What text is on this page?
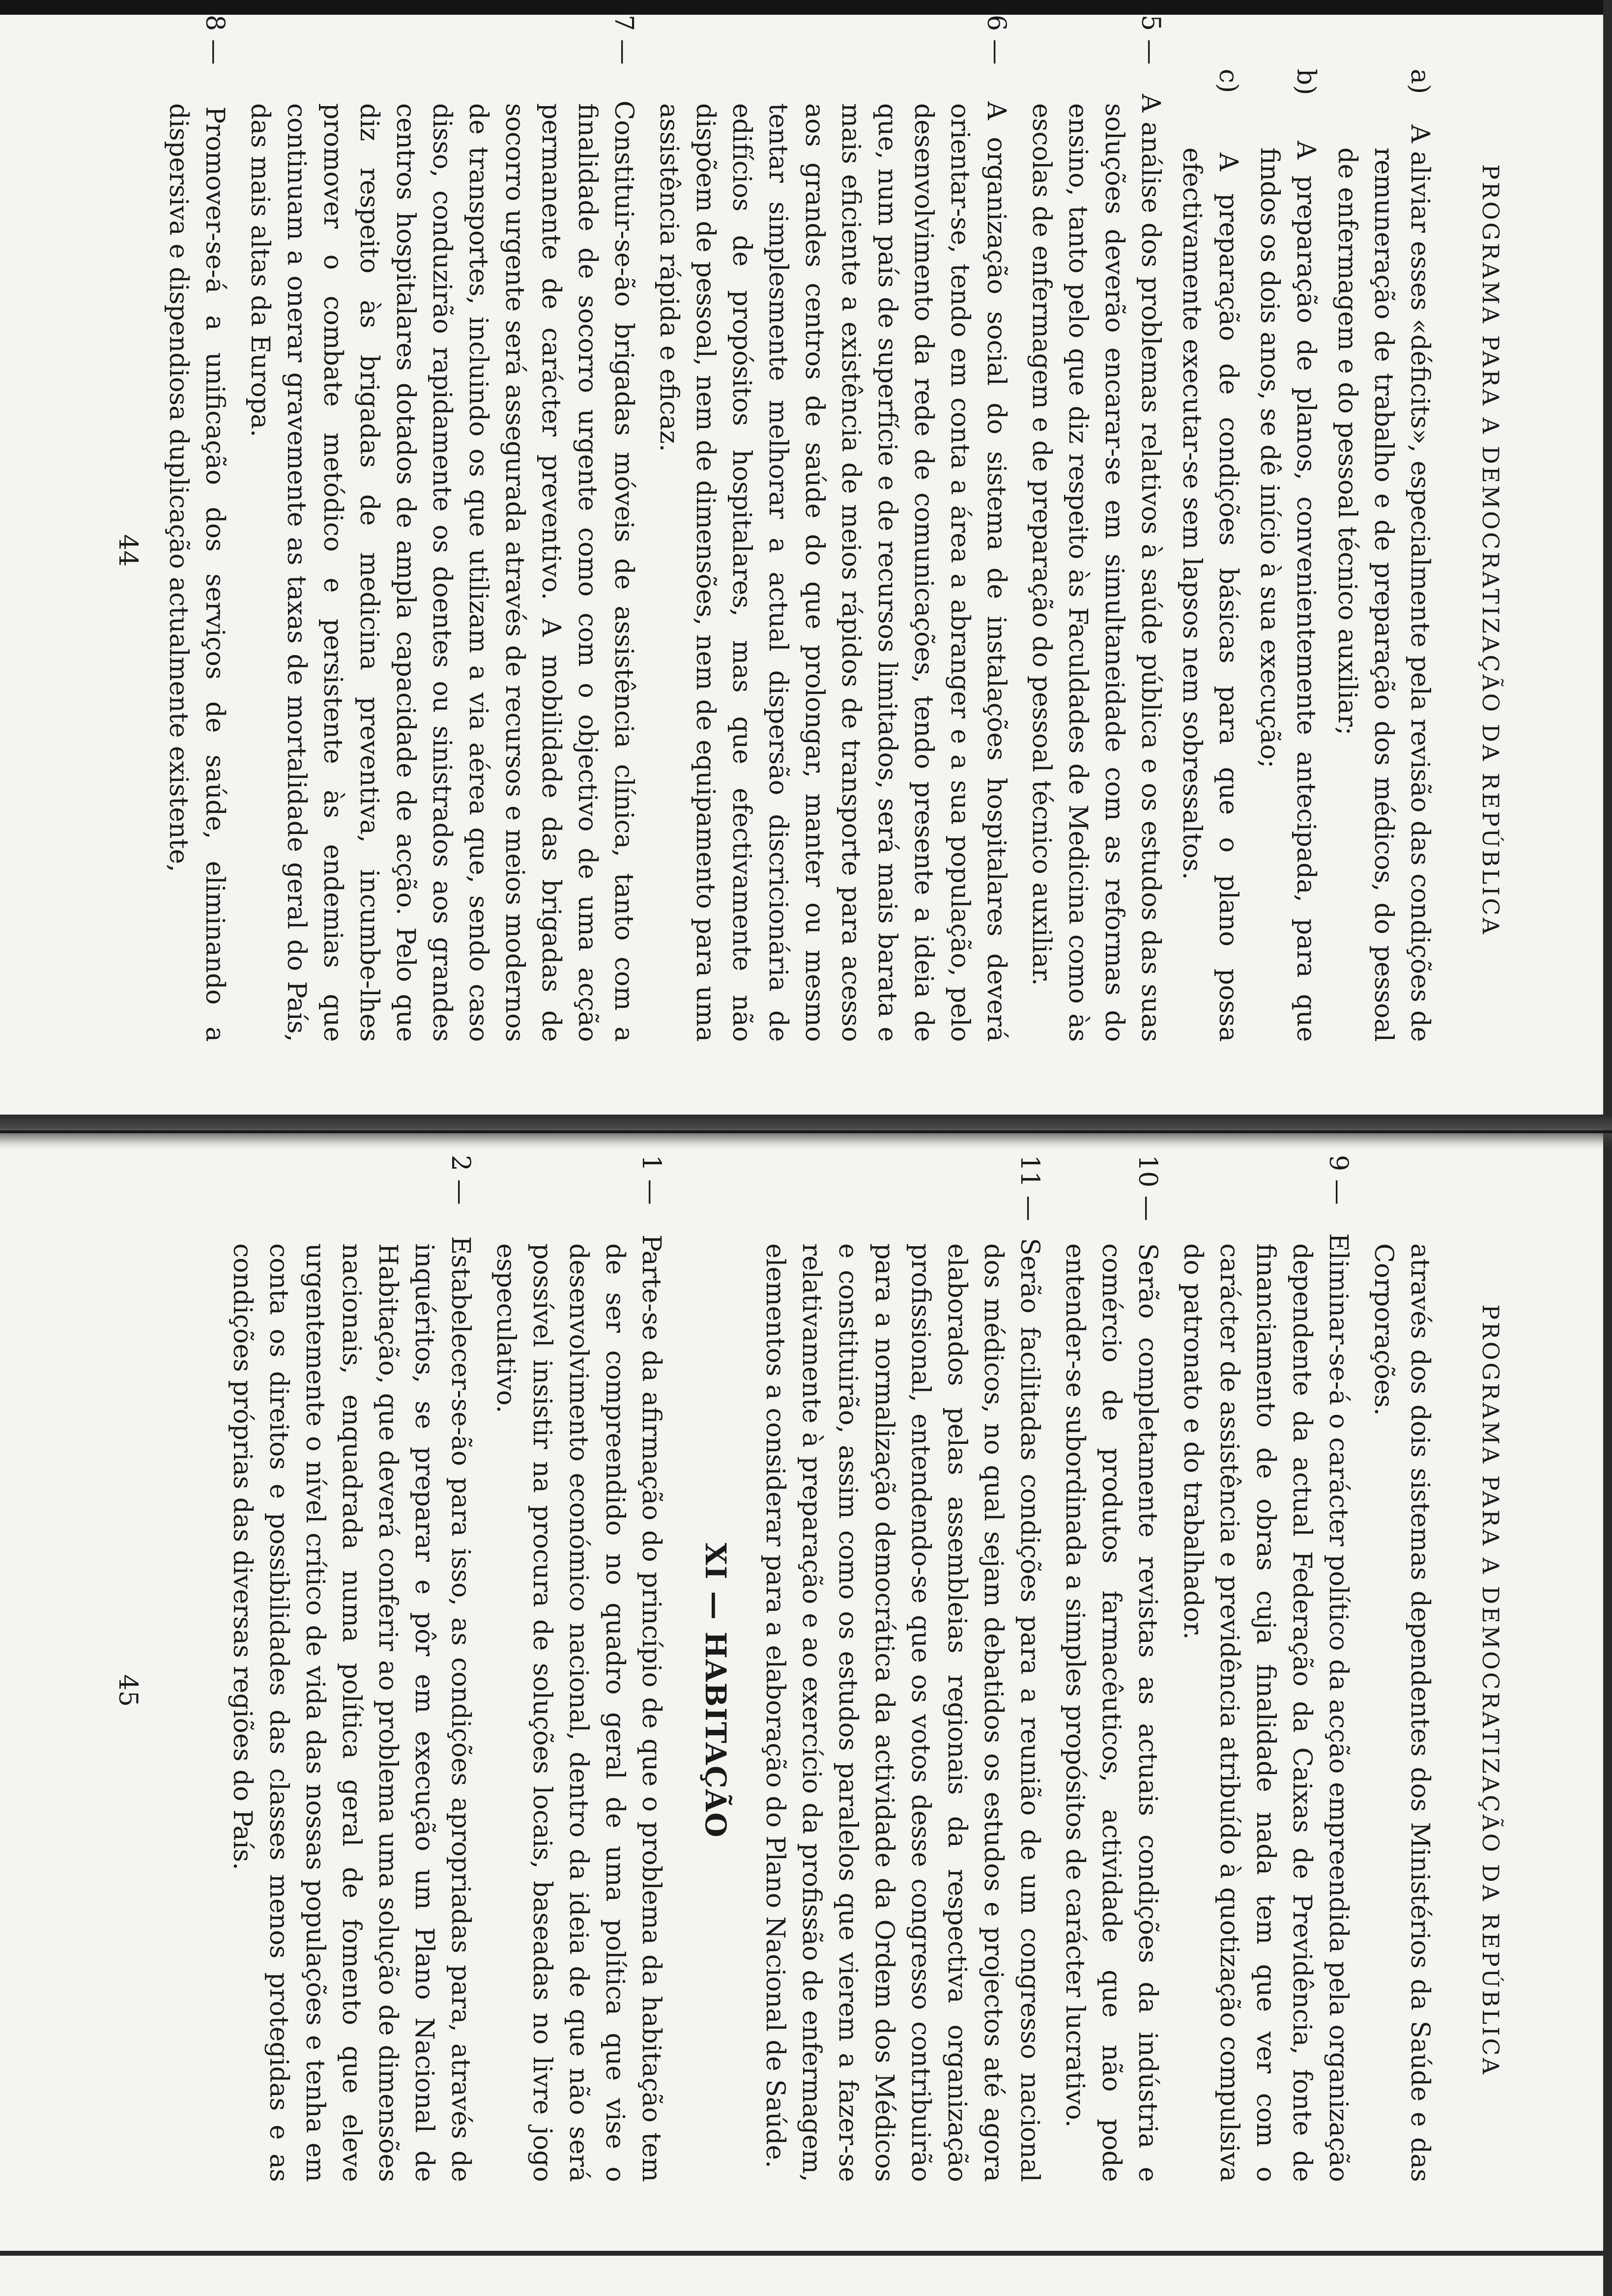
PROGRAMA PARA A DEMOCRATIZAÇÃO DA REPÚBLICA

a)  A aliviar esses «déficits», especialmente pela revisão das condições de remuneração de trabalho e de preparação dos médicos, do pessoal de enfermagem e do pessoal técnico auxiliar;

b)  A preparação de planos, convenientemente antecipada, para que findos os dois anos, se dê início à sua execução;

c)  A preparação de condições básicas para que o plano possa efectivamente executar-se sem lapsos nem sobressaltos.

5 — A análise dos problemas relativos à saúde pública e os estudos das suas soluções deverão encarar-se em simultaneidade com as reformas do ensino, tanto pelo que diz respeito às Faculdades de Medicina como às escolas de enfermagem e de preparação do pessoal técnico auxiliar.

6 — A organização social do sistema de instalações hospitalares deverá orientar-se, tendo em conta a área a abranger e a sua população, pelo desenvolvimento da rede de comunicações, tendo presente a ideia de que, num país de superfície e de recursos limitados, será mais barata e mais eficiente a existência de meios rápidos de transporte para acesso aos grandes centros de saúde do que prolongar, manter ou mesmo tentar simplesmente melhorar a actual dispersão discricionária de edifícios de propósitos hospitalares, mas que efectivamente não dispõem de pessoal, nem de dimensões, nem de equipamento para uma assistência rápida e eficaz.

7 — Constituir-se-ão brigadas móveis de assistência clínica, tanto com a finalidade de socorro urgente como com o objectivo de uma acção permanente de carácter preventivo. A mobilidade das brigadas de socorro urgente será assegurada através de recursos e meios modernos de transportes, incluindo os que utilizam a via aérea que, sendo caso disso, conduzirão rapidamente os doentes ou sinistrados aos grandes centros hospitalares dotados de ampla capacidade de acção. Pelo que diz respeito às brigadas de medicina preventiva, incumbe-lhes promover o combate metódico e persistente às endemias que continuam a onerar gravemente as taxas de mortalidade geral do País, das mais altas da Europa.

8 — Promover-se-á a unificação dos serviços de saúde, eliminando a dispersiva e dispendiosa duplicação actualmente existente,

44
PROGRAMA PARA A DEMOCRATIZAÇÃO DA REPÚBLICA

através dos dois sistemas dependentes dos Ministérios da Saúde e das Corporações.

9 — Eliminar-se-á o carácter político da acção empreendida pela organização dependente da actual Federação da Caixas de Previdência, fonte de financiamento de obras cuja finalidade nada tem que ver com o carácter de assistência e previdência atribuído à quotização compulsiva do patronato e do trabalhador.

10 — Serão completamente revistas as actuais condições da indústria e comércio de produtos farmacêuticos, actividade que não pode entender-se subordinada a simples propósitos de carácter lucrativo.

11 — Serão facilitadas condições para a reunião de um congresso nacional dos médicos, no qual sejam debatidos os estudos e projectos até agora elaborados pelas assembleias regionais da respectiva organização profissional, entendendo-se que os votos desse congresso contribuirão para a normalização democrática da actividade da Ordem dos Médicos e constituirão, assim como os estudos paralelos que vierem a fazer-se relativamente à preparação e ao exercício da profissão de enfermagem, elementos a considerar para a elaboração do Plano Nacional de Saúde.

XI — HABITAÇÃO

1 — Parte-se da afirmação do princípio de que o problema da habitação tem de ser compreendido no quadro geral de uma política que vise o desenvolvimento económico nacional, dentro da ideia de que não será possível insistir na procura de soluções locais, baseadas no livre jogo especulativo.

2 — Estabelecer-se-ão para isso, as condições apropriadas para, através de inquéritos, se preparar e pôr em execução um Plano Nacional de Habitação, que deverá conferir ao problema uma solução de dimensões nacionais, enquadrada numa política geral de fomento que eleve urgentemente o nível crítico de vida das nossas populações e tenha em conta os direitos e possibilidades das classes menos protegidas e as condições próprias das diversas regiões do País.

45
